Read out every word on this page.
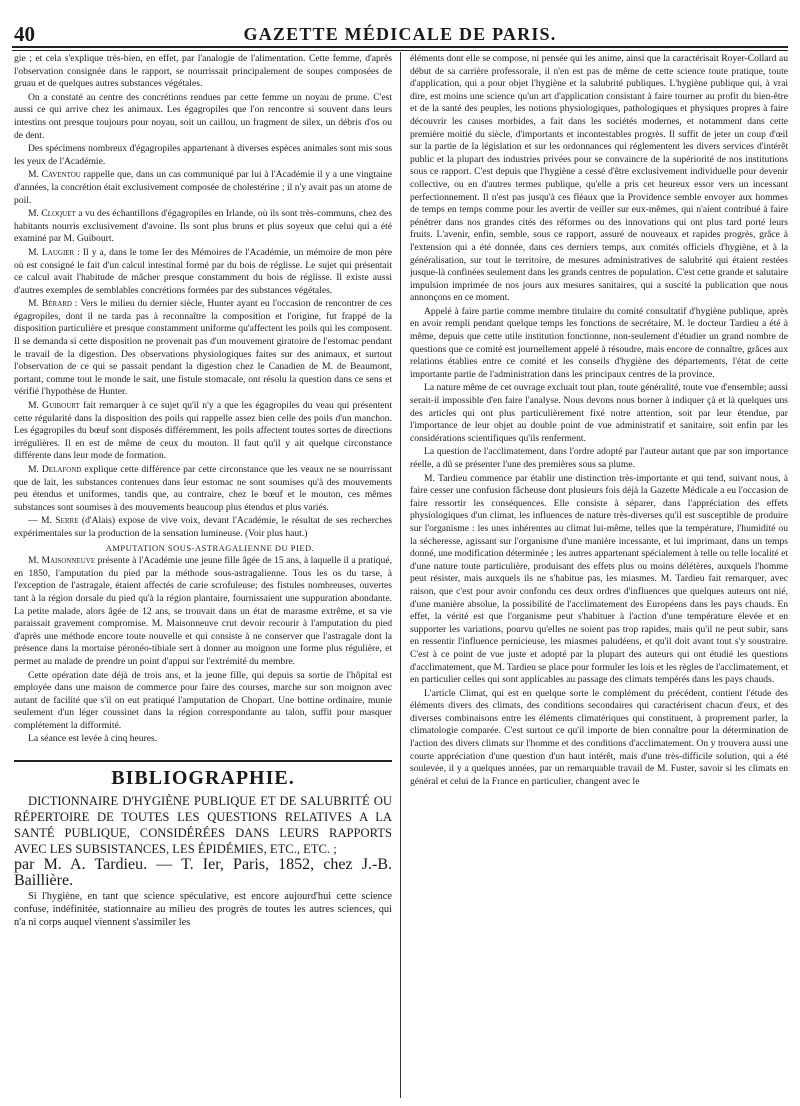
40	GAZETTE MÉDICALE DE PARIS.

gie ; et cela s'explique très-bien, en effet, par l'analogie de l'alimentation. Cette femme, d'après l'observation consignée dans le rapport, se nourrissait principalement de soupes composées de gruau et de quelques autres substances végétales.

On a constaté au centre des concrétions rendues par cette femme un noyau de prune. C'est aussi ce qui arrive chez les animaux. Les égagropiles que l'on rencontre si souvent dans leurs intestins ont presque toujours pour noyau, soit un caillou, un fragment de silex, un débris d'os ou de dent.

Des spécimens nombreux d'égagropiles appartenant à diverses espèces animales sont mis sous les yeux de l'Académie.

M. Caventou rappelle que, dans un cas communiqué par lui à l'Académie il y a une vingtaine d'années, la concrétion était exclusivement composée de cholestérine ; il n'y avait pas un atome de poil.

M. Cloquet a vu des échantillons d'égagropiles en Irlande, où ils sont très-communs, chez des habitants nourris exclusivement d'avoine. Ils sont plus bruns et plus soyeux que celui qui a été examiné par M. Guibourt.

M. Laugier : Il y a, dans le tome Ier des Mémoires de l'Académie, un mémoire de mon père où est consigné le fait d'un calcul intestinal formé par du bois de réglisse. Le sujet qui présentait ce calcul avait l'habitude de mâcher presque constamment du bois de réglisse. Il existe aussi d'autres exemples de semblables concrétions formées par des substances végétales.

M. Bérard : Vers le milieu du dernier siècle, Hunter ayant eu l'occasion de rencontrer de ces égagropiles, dont il ne tarda pas à reconnaître la composition et l'origine, fut frappé de la disposition particulière et presque constamment uniforme qu'affectent les poils qui les composent. Il se demanda si cette disposition ne provenait pas d'un mouvement giratoire de l'estomac pendant le travail de la digestion. Des observations physiologiques faites sur des animaux, et surtout l'observation de ce qui se passait pendant la digestion chez le Canadien de M. de Beaumont, portant, comme tout le monde le sait, une fistule stomacale, ont résolu la question dans ce sens et vérifié l'hypothèse de Hunter.

M. Guibourt fait remarquer à ce sujet qu'il n'y a que les égagropiles du veau qui présentent cette régularité dans la disposition des poils qui rappelle assez bien celle des poils d'un manchon. Les égagropiles du bœuf sont disposés différemment, les poils affectent toutes sortes de directions irrégulières. Il en est de même de ceux du mouton. Il faut qu'il y ait quelque circonstance différente dans leur mode de formation.

M. Delafond explique cette différence par cette circonstance que les veaux ne se nourrissant que de lait, les substances contenues dans leur estomac ne sont soumises qu'à des mouvements peu étendus et uniformes, tandis que, au contraire, chez le bœuf et le mouton, ces mêmes substances sont soumises à des mouvements beaucoup plus étendus et plus variés.

— M. Serre (d'Alais) expose de vive voix, devant l'Académie, le résultat de ses recherches expérimentales sur la production de la sensation lumineuse. (Voir plus haut.)

AMPUTATION SOUS-ASTRAGALIENNE DU PIED.

M. Maisonneuve présente à l'Académie une jeune fille âgée de 15 ans, à laquelle il a pratiqué, en 1850, l'amputation du pied par la méthode sous-astragalienne. Tous les os du tarse, à l'exception de l'astragale, étaient affectés de carie scrofuleuse; des fistules nombreuses, ouvertes tant à la région dorsale du pied qu'à la région plantaire, fournissaient une suppuration abondante. La petite malade, alors âgée de 12 ans, se trouvait dans un état de marasme extrême, et sa vie paraissait gravement compromise. M. Maisonneuve crut devoir recourir à l'amputation du pied d'après une méthode encore toute nouvelle et qui consiste à ne conserver que l'astragale dont la présence dans la mortaise péronéo-tibiale sert à donner au moignon une forme plus régulière, et permet au malade de prendre un point d'appui sur l'extrémité du membre.

Cette opération date déjà de trois ans, et la jeune fille, qui depuis sa sortie de l'hôpital est employée dans une maison de commerce pour faire des courses, marche sur son moignon avec autant de facilité que s'il on eut pratiqué l'amputation de Chopart. Une bottine ordinaire, munie seulement d'un léger coussinet dans la région correspondante au talon, suffit pour masquer complétement la difformité.

La séance est levée à cinq heures.

BIBLIOGRAPHIE.

DICTIONNAIRE D'HYGIÈNE PUBLIQUE ET DE SALUBRITÉ OU RÉPERTOIRE DE TOUTES LES QUESTIONS RELATIVES A LA SANTÉ PUBLIQUE, CONSIDÉRÉES DANS LEURS RAPPORTS AVEC LES SUBSISTANCES, LES ÉPIDÉMIES, ETC., ETC. ;
par M. A. Tardieu. — T. Ier, Paris, 1852, chez J.-B. Baillière.

Si l'hygiène, en tant que science spéculative, est encore aujourd'hui cette science confuse, indéfinitée, stationnaire au milieu des progrès de toutes les autres sciences, qui n'a ni corps auquel viennent s'assimiler les

éléments dont elle se compose, ni pensée qui les anime, ainsi que la caractérisait Royer-Collard au début de sa carrière professorale, il n'en est pas de même de cette science toute pratique, toute d'application, qui a pour objet l'hygiène et la salubrité publiques. L'hygiène publique qui, à vrai dire, est moins une science qu'un art d'application consistant à faire tourner au profit du bien-être et de la santé des peuples, les notions physiologiques, pathologiques et physiques propres à faire découvrir les causes morbides, a fait dans les sociétés modernes, et notamment dans cette première moitié du siècle, d'importants et incontestables progrès. Il suffit de jeter un coup d'œil sur la partie de la législation et sur les ordonnances qui réglementent les divers services d'intérêt public et la plupart des industries privées pour se convaincre de la supériorité de nos institutions sous ce rapport. C'est depuis que l'hygiène a cessé d'être exclusivement individuelle pour devenir collective, ou en d'autres termes publique, qu'elle a pris cet heureux essor vers un incessant perfectionnement. Il n'est pas jusqu'à ces fléaux que la Providence semble envoyer aux hommes de temps en temps comme pour les avertir de veiller sur eux-mêmes, qui n'aient contribué à faire pénétrer dans nos grandes cités des réformes ou des innovations qui ont plus tard porté leurs fruits. L'avenir, enfin, semble, sous ce rapport, assuré de nouveaux et rapides progrès, grâce à l'extension qui a été donnée, dans ces derniers temps, aux comités officiels d'hygiène, et à la généralisation, sur tout le territoire, de mesures administratives de salubrité qui étaient restées jusque-là confinées seulement dans les grands centres de population. C'est cette grande et salutaire impulsion imprimée de nos jours aux mesures sanitaires, qui a suscité la publication que nous annonçons en ce moment.

Appelé à faire partie comme membre titulaire du comité consultatif d'hygiène publique, après en avoir rempli pendant quelque temps les fonctions de secrétaire, M. le docteur Tardieu a été à même, depuis que cette utile institution fonctionne, non-seulement d'étudier un grand nombre de questions que ce comité est journellement appelé à résoudre, mais encore de connaître, grâces aux relations établies entre ce comité et les conseils d'hygiène des départements, l'état de cette importante partie de l'administration dans les principaux centres de la province.

La nature même de cet ouvrage excluait tout plan, toute généralité, toute vue d'ensemble; aussi serait-il impossible d'en faire l'analyse. Nous devons nous borner à indiquer çà et là quelques uns des articles qui ont plus particulièrement fixé notre attention, soit par leur étendue, par l'importance de leur objet au double point de vue administratif et sanitaire, soit enfin par les considérations scientifiques qu'ils renferment.

La question de l'acclimatement, dans l'ordre adopté par l'auteur autant que par son importance réelle, a dû se présenter l'une des premières sous sa plume.

M. Tardieu commence par établir une distinction très-importante et qui tend, suivant nous, à faire cesser une confusion fâcheuse dont plusieurs fois déjà la Gazette Médicale a eu l'occasion de faire ressortir les conséquences. Elle consiste à séparer, dans l'appréciation des effets physiologiques d'un climat, les influences de nature très-diverses qu'il est susceptible de produire sur l'organisme : les unes inhérentes au climat lui-même, telles que la température, l'humidité ou la sécheresse, agissant sur l'organisme d'une manière incessante, et lui imprimant, dans un temps donné, une modification déterminée ; les autres appartenant spécialement à telle ou telle localité et d'une nature toute particulière, produisant des effets plus ou moins délétères, auxquels l'homme peut résister, mais auxquels ils ne s'habitue pas, les miasmes. M. Tardieu fait remarquer, avec raison, que c'est pour avoir confondu ces deux ordres d'influences que quelques auteurs ont nié, d'une manière absolue, la possibilité de l'acclimatement des Européens dans les pays chauds. En effet, la vérité est que l'organisme peut s'habituer à l'action d'une température élevée et en supporter les variations, pourvu qu'elles ne soient pas trop rapides, mais qu'il ne peut subir, sans en ressentir l'influence pernicieuse, les miasmes paludéens, et qu'il doit avant tout s'y soustraire. C'est à ce point de vue juste et adopté par la plupart des auteurs qui ont étudié les questions d'acclimatement, que M. Tardieu se place pour formuler les lois et les règles de l'acclimatement, et en particulier celles qui sont applicables au passage des climats tempérés dans les pays chauds.

L'article Climat, qui est en quelque sorte le complément du précédent, contient l'étude des éléments divers des climats, des conditions secondaires qui caractérisent chacun d'eux, et des diverses combinaisons entre les éléments climatériques qui constituent, à proprement parler, la climatologie comparée. C'est surtout ce qu'il importe de bien connaître pour la détermination de l'action des divers climats sur l'homme et des conditions d'acclimatement. On y trouvera aussi une courte appréciation d'une question d'un haut intérêt, mais d'une très-difficile solution, qui a été soulevée, il y a quelques années, par un remarquable travail de M. Fuster, savoir si les climats en général et celui de la France en particulier, changent avec le
